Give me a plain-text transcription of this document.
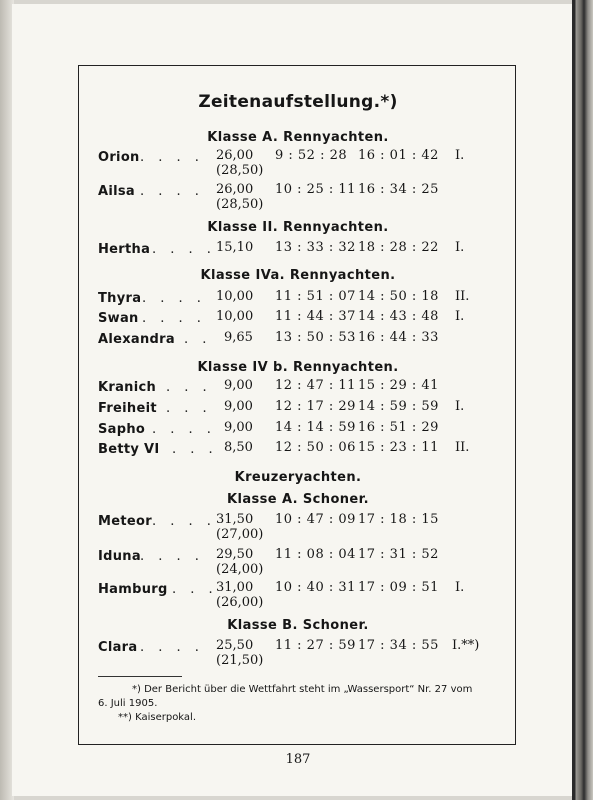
Zeitenaufstellung.*)
Klasse A. Rennyachten.
Orion . . . . 26,00
(28,50)
9 : 52 : 28 16 : 01 : 42 I.
Ailsa . . . . 26,00
(28,50)
10 : 25 : 11 16 : 34 : 25
Klasse II. Rennyachten.
Hertha . . . . 15,10 13 : 33 : 32 18 : 28 : 22 I.
Klasse IVa. Rennyachten.
Thyra . . . . 10,00 11 : 51 : 07 14 : 50 : 18 II.
Swan . . . . 10,00 11 : 44 : 37 14 : 43 : 48 I.
Alexandra . . 9,65 13 : 50 : 53 16 : 44 : 33
Klasse IV b. Rennyachten.
Kranich . . . 9,00 12 : 47 : 11 15 : 29 : 41
Freiheit . . . 9,00 12 : 17 : 29 14 : 59 : 59 I.
Sapho . . . . 9,00 14 : 14 : 59 16 : 51 : 29
Betty VI . . . 8,50 12 : 50 : 06 15 : 23 : 11 II.
Kreuzeryachten.
Klasse A. Schoner.
Meteor . . . . 31,50
(27,00)
10 : 47 : 09 17 : 18 : 15
Iduna . . . . 29,50
(24,00)
11 : 08 : 04 17 : 31 : 52
Hamburg . . .
31,00
(26,00)
10 : 40 : 31 17 : 09 : 51 I.
Klasse B. Schoner.
Clara . . . . 25,50
(21,50)
11 : 27 : 59 17 : 34 : 55 I.**)
*) Der Bericht über die Wettfahrt steht im „Wassersport“ Nr. 27 vom
6. Juli 1905.
**) Kaiserpokal.
187
